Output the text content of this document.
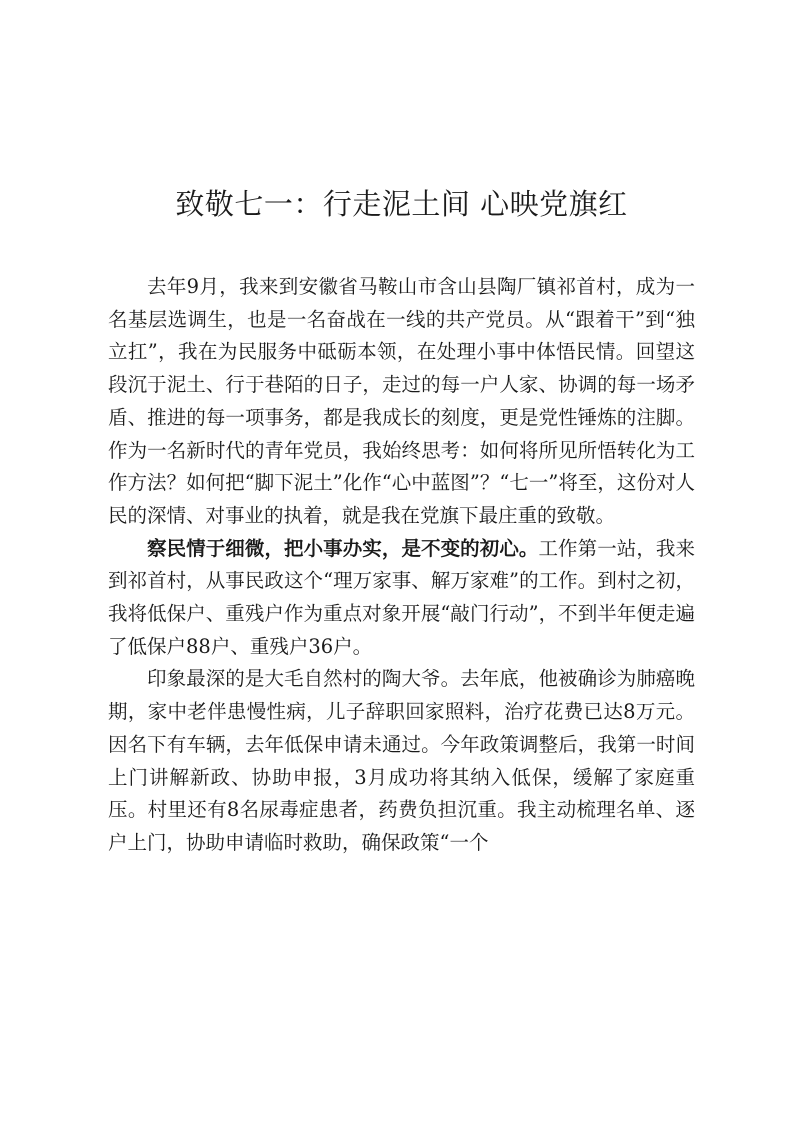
致敬七一：行走泥土间 心映党旗红

去年9月，我来到安徽省马鞍山市含山县陶厂镇祁首村，成为一名基层选调生，也是一名奋战在一线的共产党员。从“跟着干”到“独立扛”，我在为民服务中砥砺本领，在处理小事中体悟民情。回望这段沉于泥土、行于巷陌的日子，走过的每一户人家、协调的每一场矛盾、推进的每一项事务，都是我成长的刻度，更是党性锤炼的注脚。作为一名新时代的青年党员，我始终思考：如何将所见所悟转化为工作方法？如何把“脚下泥土”化作“心中蓝图”？“七一”将至，这份对人民的深情、对事业的执着，就是我在党旗下最庄重的致敬。

察民情于细微，把小事办实，是不变的初心。工作第一站，我来到祁首村，从事民政这个“理万家事、解万家难”的工作。到村之初，我将低保户、重残户作为重点对象开展“敲门行动”，不到半年便走遍了低保户88户、重残户36户。

印象最深的是大毛自然村的陶大爷。去年底，他被确诊为肺癌晚期，家中老伴患慢性病，儿子辞职回家照料，治疗花费已达8万元。因名下有车辆，去年低保申请未通过。今年政策调整后，我第一时间上门讲解新政、协助申报，3月成功将其纳入低保，缓解了家庭重压。村里还有8名尿毒症患者，药费负担沉重。我主动梳理名单、逐户上门，协助申请临时救助，确保政策“一个
